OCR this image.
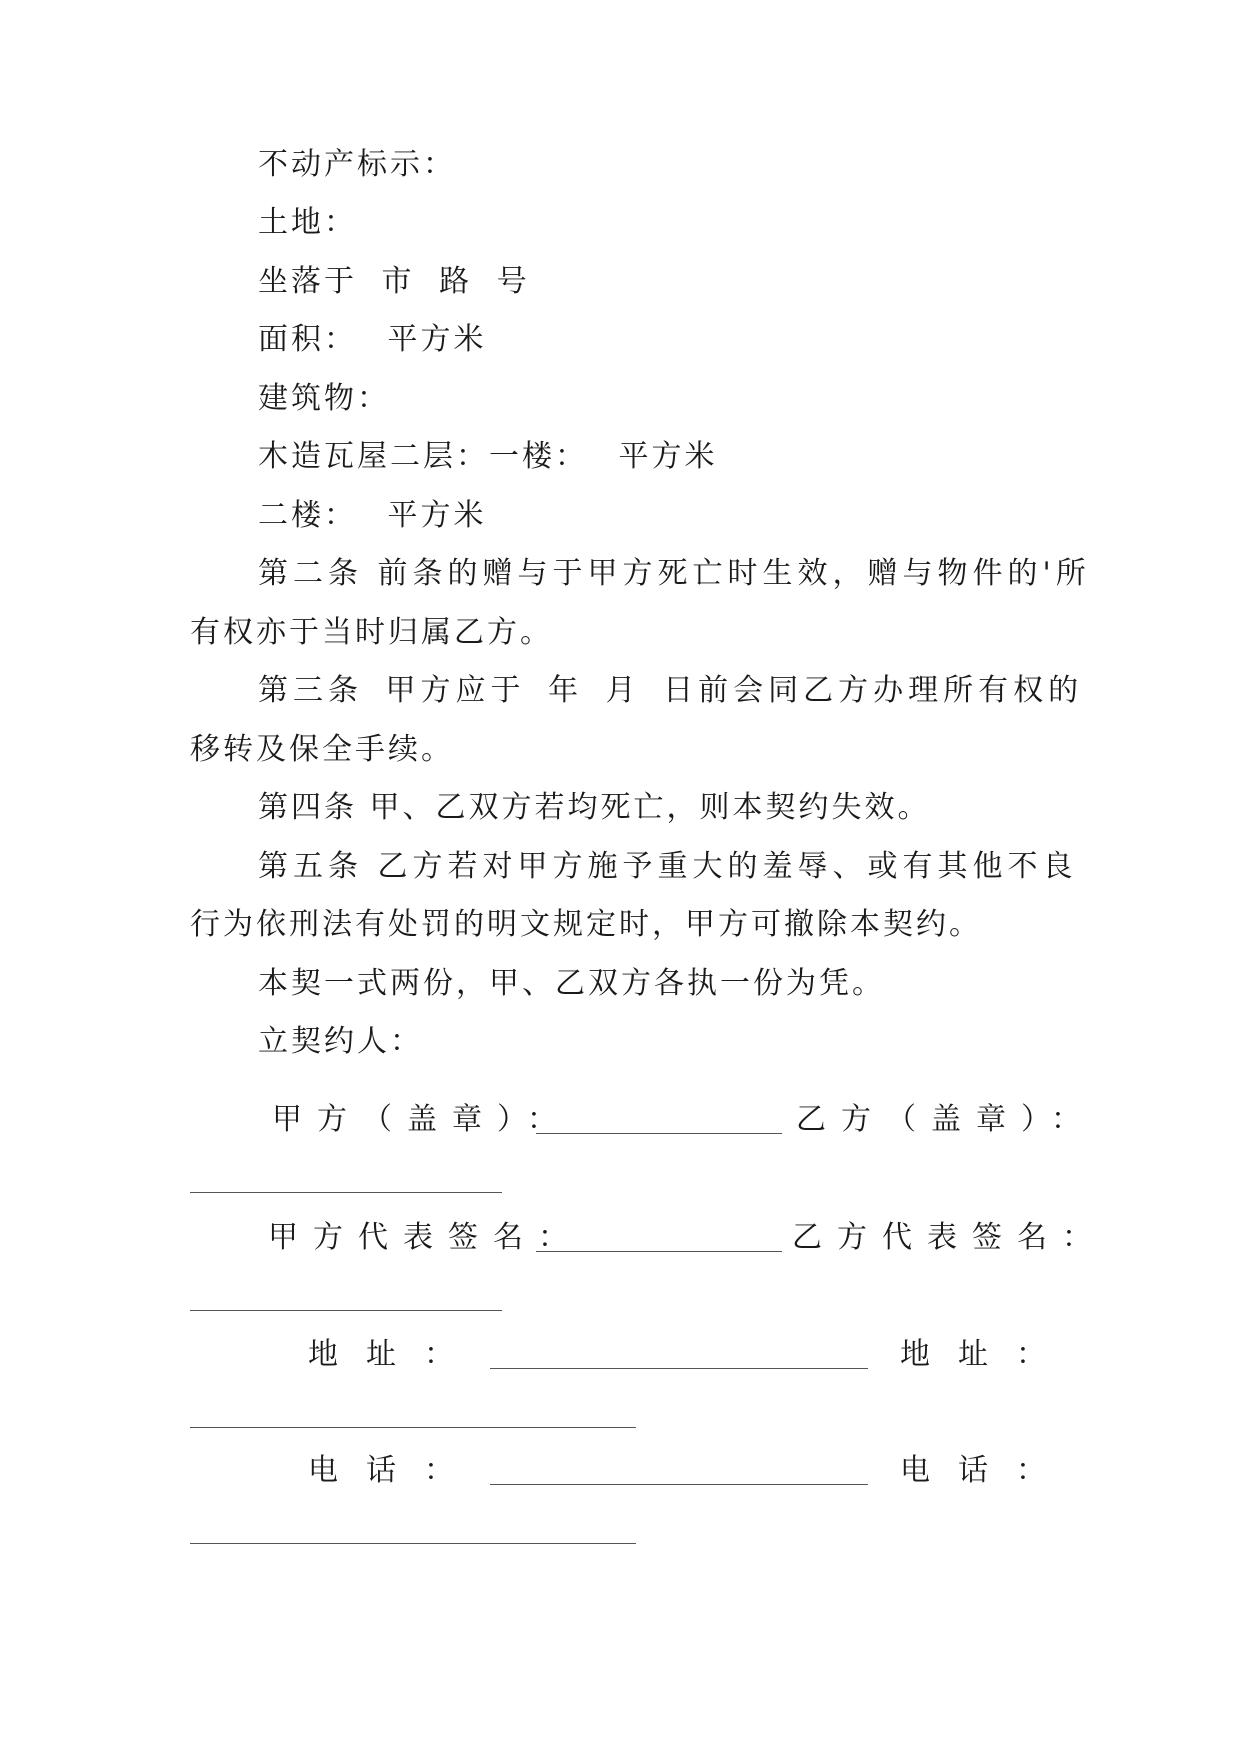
不动产标示：
土地：
坐落于 市 路 号
面积： 平方米
建筑物：
木造瓦屋二层：一楼： 平方米
二楼： 平方米
第二条 前条的赠与于甲方死亡时生效，赠与物件的'所
有权亦于当时归属乙方。
第三条 甲方应于 年 月 日前会同乙方办理所有权的
移转及保全手续。
第四条 甲、乙双方若均死亡，则本契约失效。
第五条 乙方若对甲方施予重大的羞辱、或有其他不良
行为依刑法有处罚的明文规定时，甲方可撤除本契约。
本契一式两份，甲、乙双方各执一份为凭。
立契约人：
甲方（盖章）：	乙方（盖章）：
甲方代表签名：	乙方代表签名：
地址：	地址：
电话：	电话：
